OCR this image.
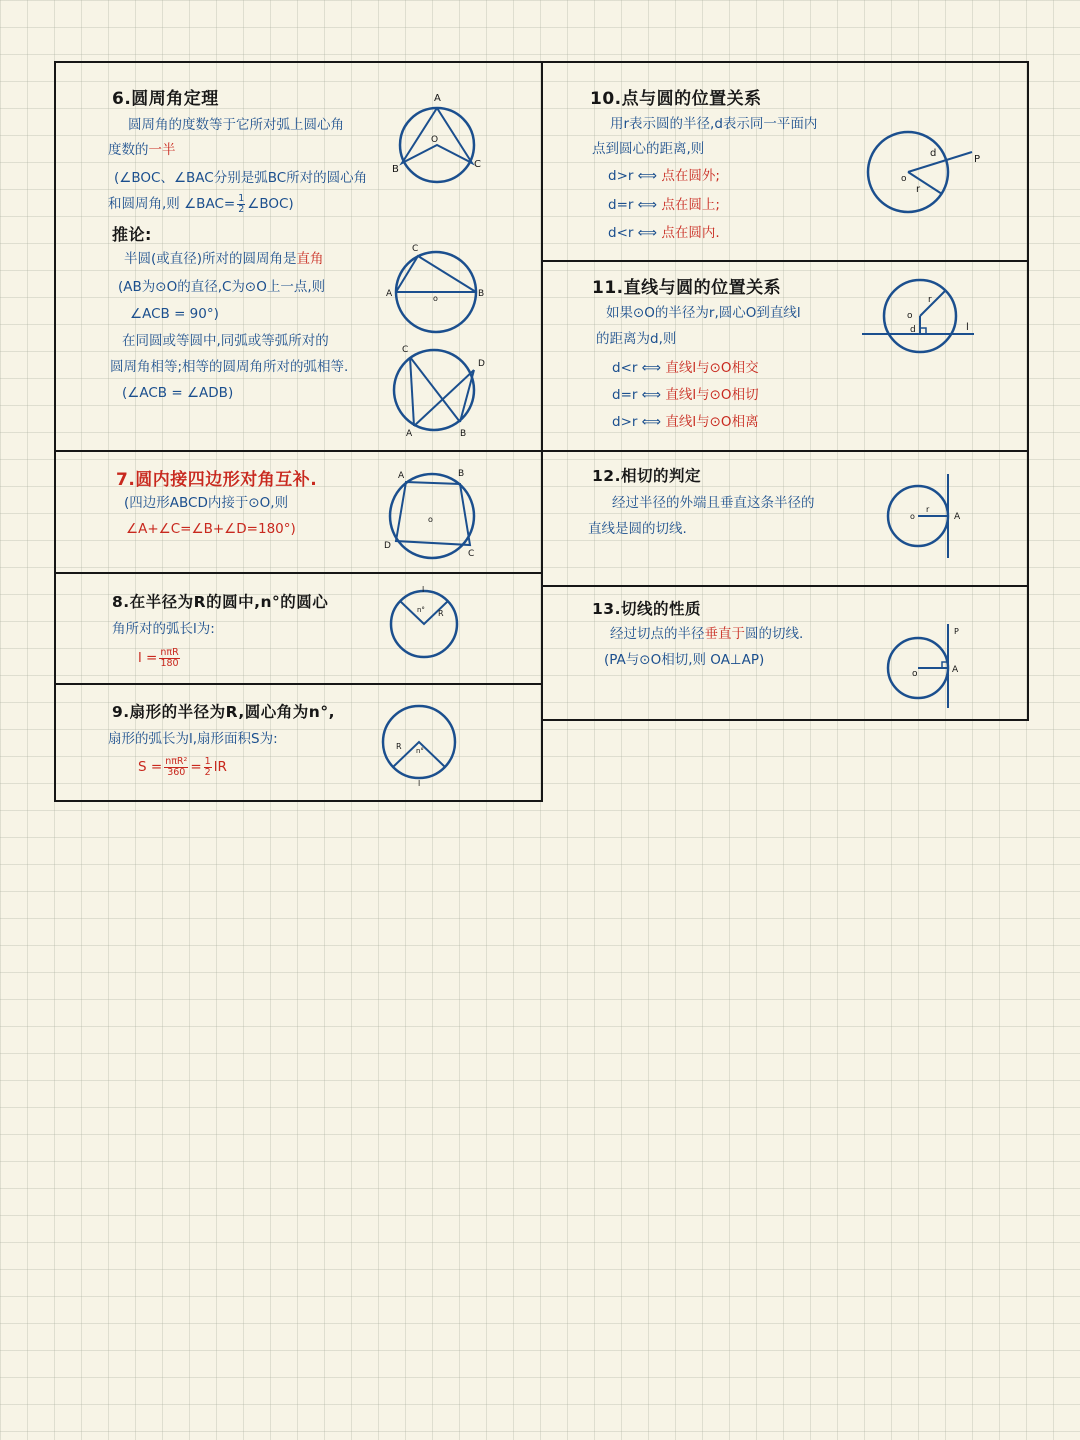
6.圆周角定理
圆周角的度数等于它所对弧上圆心角
度数的一半
(∠BOC、∠BAC分别是弧BC所对的圆心角
和圆周角,则 ∠BAC= $\frac{1}{2}$ ∠BOC)
推论:
半圆(或直径)所对的圆周角是直角
(AB为⊙O的直径,C为⊙O上一点,则
∠ACB = 90°)
在同圆或等圆中,同弧或等弧所对的
圆周角相等;相等的圆周角所对的弧相等.
(∠ACB = ∠ADB)
A
B	C
O
C
A	B
o
C
D
A	B
7.圆内接四边形对角互补.
(四边形ABCD内接于⊙O,则
∠A+∠C=∠B+∠D=180°)
A	B
C
D
o
8.在半径为R的圆中,n°的圆心
角所对的弧长l为:
$l = \frac{\text{nπR}}{180}$
l
n° R
9.扇形的半径为R,圆心角为n°,
扇形的弧长为l,扇形面积S为:
$S = \frac{\text{nπR²}}{360} = \frac{1}{2}$ lR
R n°
l
10.点与圆的位置关系
用r表示圆的半径,d表示同一平面内
点到圆心的距离,则
d>r ⟺ 点在圆外;
d=r ⟺ 点在圆上;
d<r ⟺ 点在圆内.
o
d
r
P
11.直线与圆的位置关系
如果⊙O的半径为r,圆心O到直线l
的距离为d,则
d<r ⟺ 直线l与⊙O相交
d=r ⟺ 直线l与⊙O相切
d>r ⟺ 直线l与⊙O相离
o
d
r
l
12.相切的判定
经过半径的外端且垂直这条半径的
直线是圆的切线.
o
r
A
13.切线的性质
经过切点的半径垂直于圆的切线.
(PA与⊙O相切,则 OA⊥AP)
o
P
A
